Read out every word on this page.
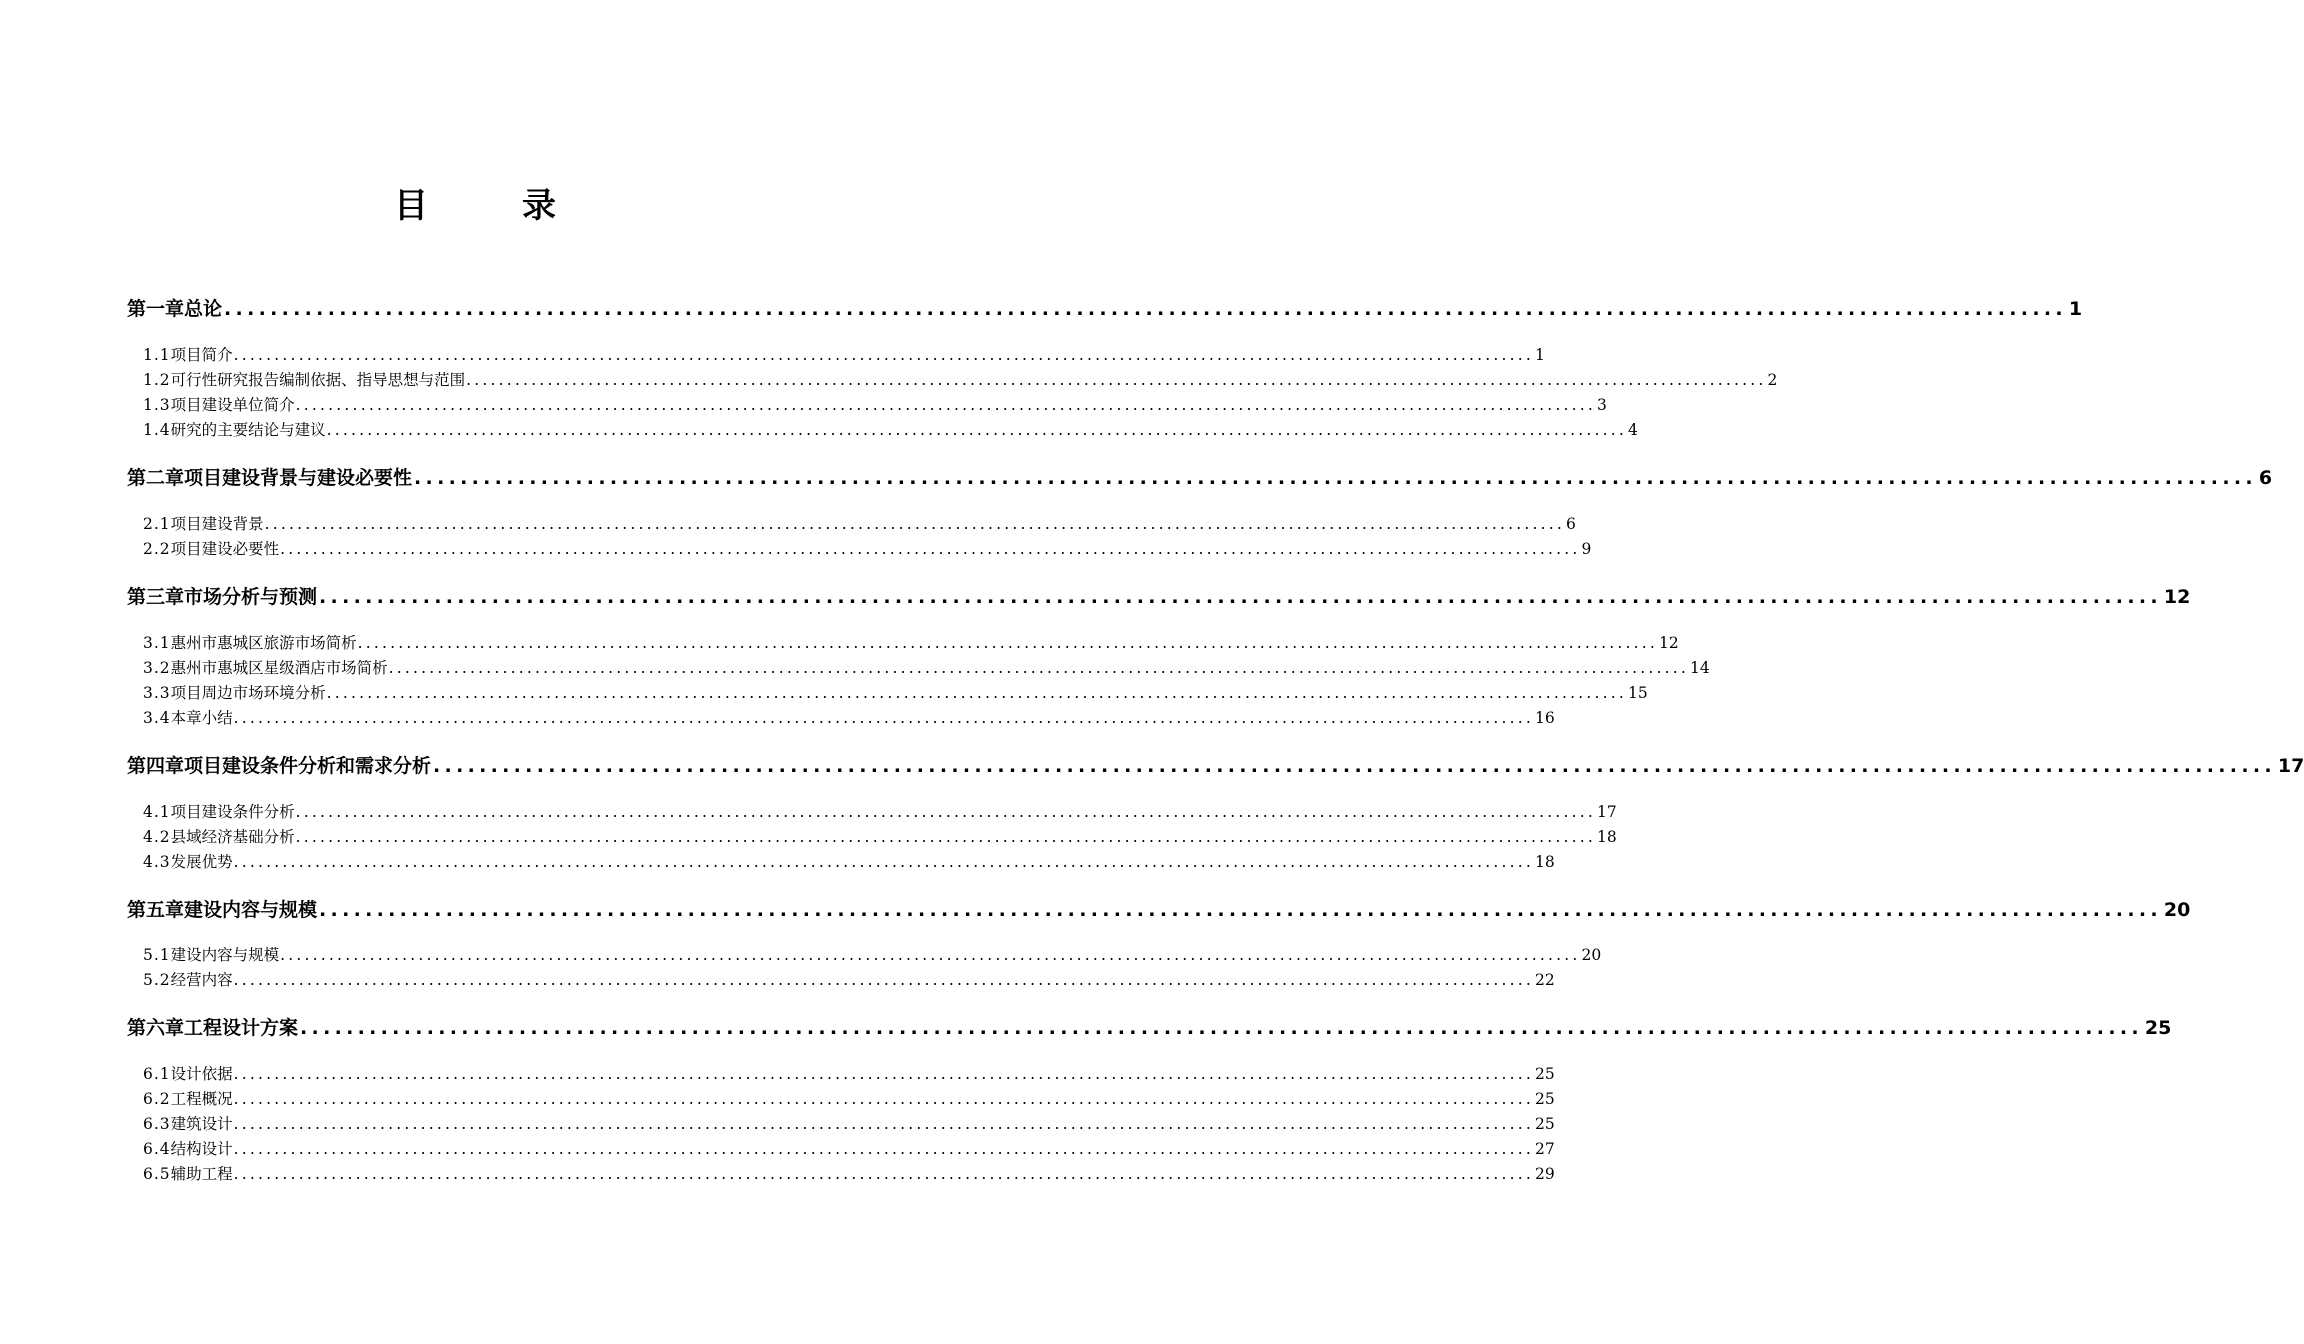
目　录
第一章 总论 ................................................................................................................................................................ 1
1.1 项目简介 ................................................................................................................................................................ 1
1.2 可行性研究报告编制依据、指导思想与范围 ................................................................................................................................................................ 2
1.3 项目建设单位简介 ................................................................................................................................................................ 3
1.4 研究的主要结论与建议 ................................................................................................................................................................ 4
第二章 项目建设背景与建设必要性 ................................................................................................................................................................ 6
2.1 项目建设背景 ................................................................................................................................................................ 6
2.2 项目建设必要性 ................................................................................................................................................................ 9
第三章 市场分析与预测 ................................................................................................................................................................ 12
3.1 惠州市惠城区旅游市场简析 ................................................................................................................................................................ 12
3.2 惠州市惠城区星级酒店市场简析 ................................................................................................................................................................ 14
3.3 项目周边市场环境分析 ................................................................................................................................................................ 15
3.4 本章小结 ................................................................................................................................................................ 16
第四章 项目建设条件分析和需求分析 ................................................................................................................................................................ 17
4.1 项目建设条件分析 ................................................................................................................................................................ 17
4.2 县域经济基础分析 ................................................................................................................................................................ 18
4.3 发展优势 ................................................................................................................................................................ 18
第五章 建设内容与规模 ................................................................................................................................................................ 20
5.1 建设内容与规模 ................................................................................................................................................................ 20
5.2 经营内容 ................................................................................................................................................................ 22
第六章 工程设计方案 ................................................................................................................................................................ 25
6.1 设计依据 ................................................................................................................................................................ 25
6.2 工程概况 ................................................................................................................................................................ 25
6.3 建筑设计 ................................................................................................................................................................ 25
6.4 结构设计 ................................................................................................................................................................ 27
6.5 辅助工程 ................................................................................................................................................................ 29
